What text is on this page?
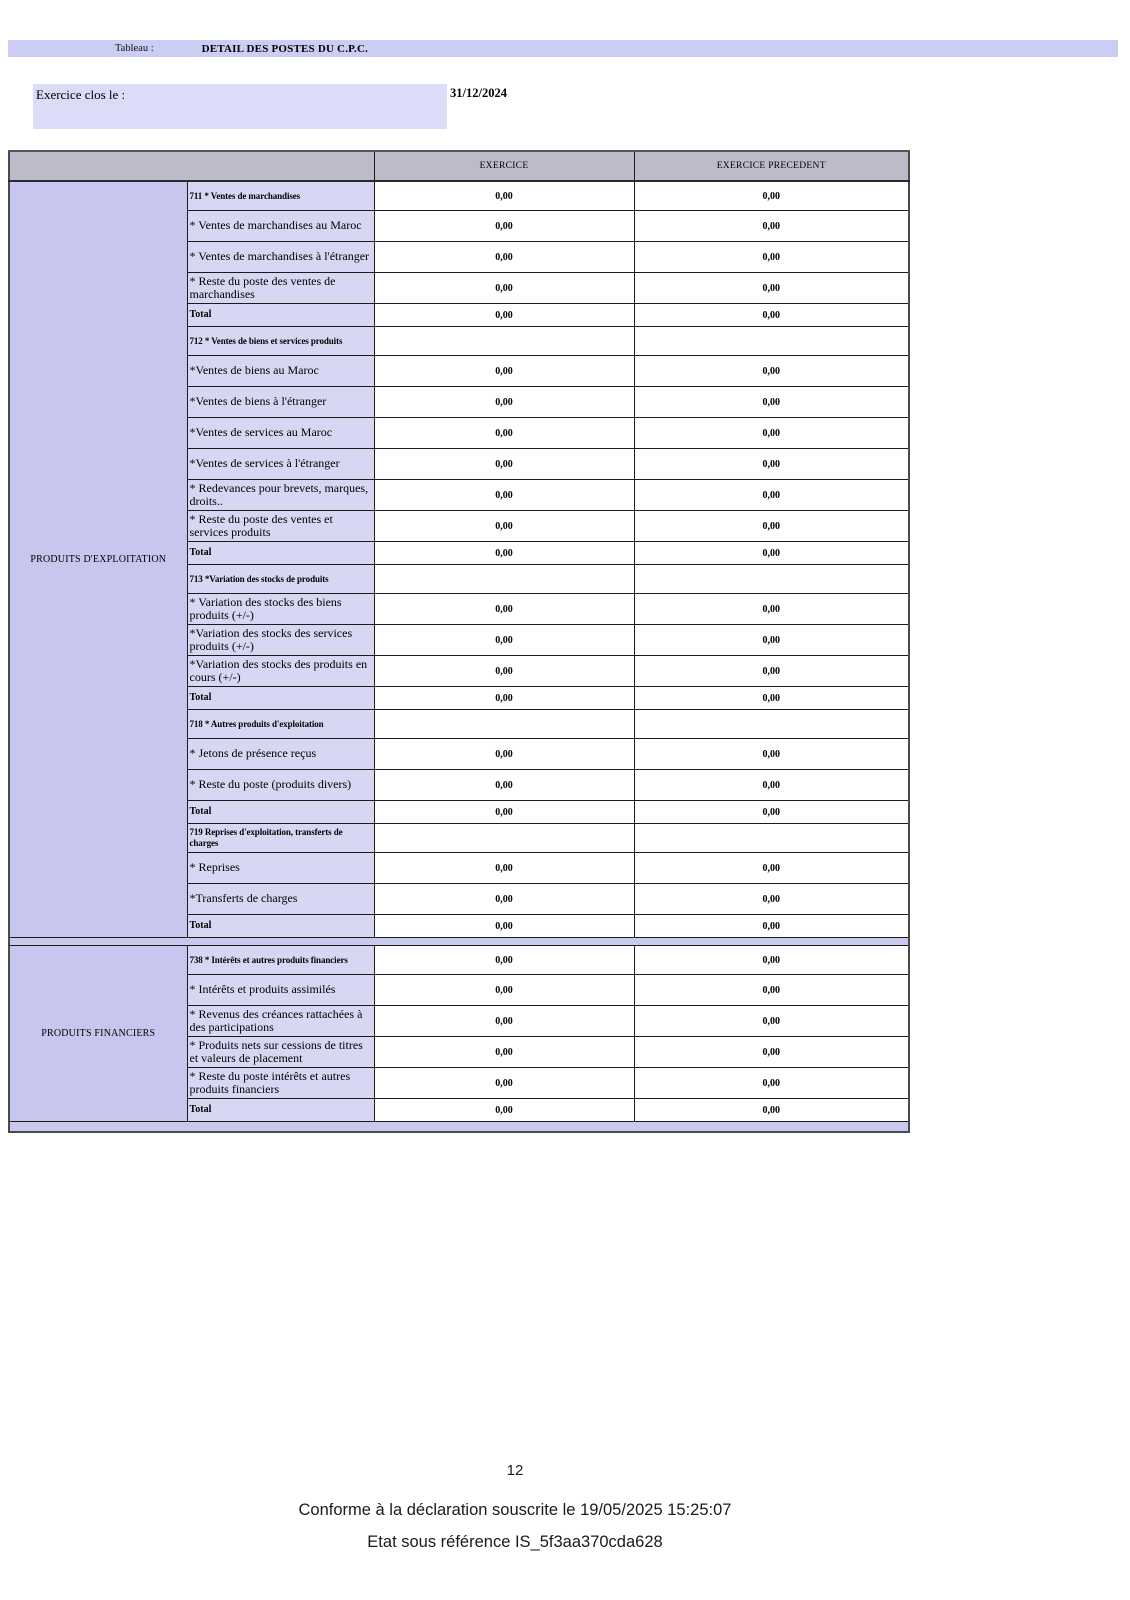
Tableau :	DETAIL DES POSTES DU C.P.C.
Exercice clos le :	31/12/2024
		EXERCICE	EXERCICE PRECEDENT
PRODUITS D'EXPLOITATION	711 * Ventes de marchandises	0,00	0,00
	* Ventes de marchandises au Maroc	0,00	0,00
	* Ventes de marchandises à l'étranger	0,00	0,00
	* Reste du poste des ventes de marchandises	0,00	0,00
	Total	0,00	0,00
	712 * Ventes de biens et services produits		
	*Ventes de biens au Maroc	0,00	0,00
	*Ventes de biens à l'étranger	0,00	0,00
	*Ventes de services au Maroc	0,00	0,00
	*Ventes de services à l'étranger	0,00	0,00
	* Redevances pour brevets, marques, droits..	0,00	0,00
	* Reste du poste des ventes et services produits	0,00	0,00
	Total	0,00	0,00
	713 *Variation des stocks de produits		
	* Variation des stocks des biens produits (+/-)	0,00	0,00
	*Variation des stocks des services produits (+/-)	0,00	0,00
	*Variation des stocks des produits en cours (+/-)	0,00	0,00
	Total	0,00	0,00
	718 * Autres produits d'exploitation		
	* Jetons de présence reçus	0,00	0,00
	* Reste du poste (produits divers)	0,00	0,00
	Total	0,00	0,00
	719 Reprises d'exploitation, transferts de charges		
	* Reprises	0,00	0,00
	*Transferts de charges	0,00	0,00
	Total	0,00	0,00

PRODUITS FINANCIERS	738 * Intérêts et autres produits financiers	0,00	0,00
	* Intérêts et produits assimilés	0,00	0,00
	* Revenus des créances rattachées à des participations	0,00	0,00
	* Produits nets sur cessions de titres et valeurs de placement	0,00	0,00
	* Reste du poste intérêts et autres produits financiers	0,00	0,00
	Total	0,00	0,00

12
Conforme à la déclaration souscrite le 19/05/2025 15:25:07
Etat sous référence IS_5f3aa370cda628
